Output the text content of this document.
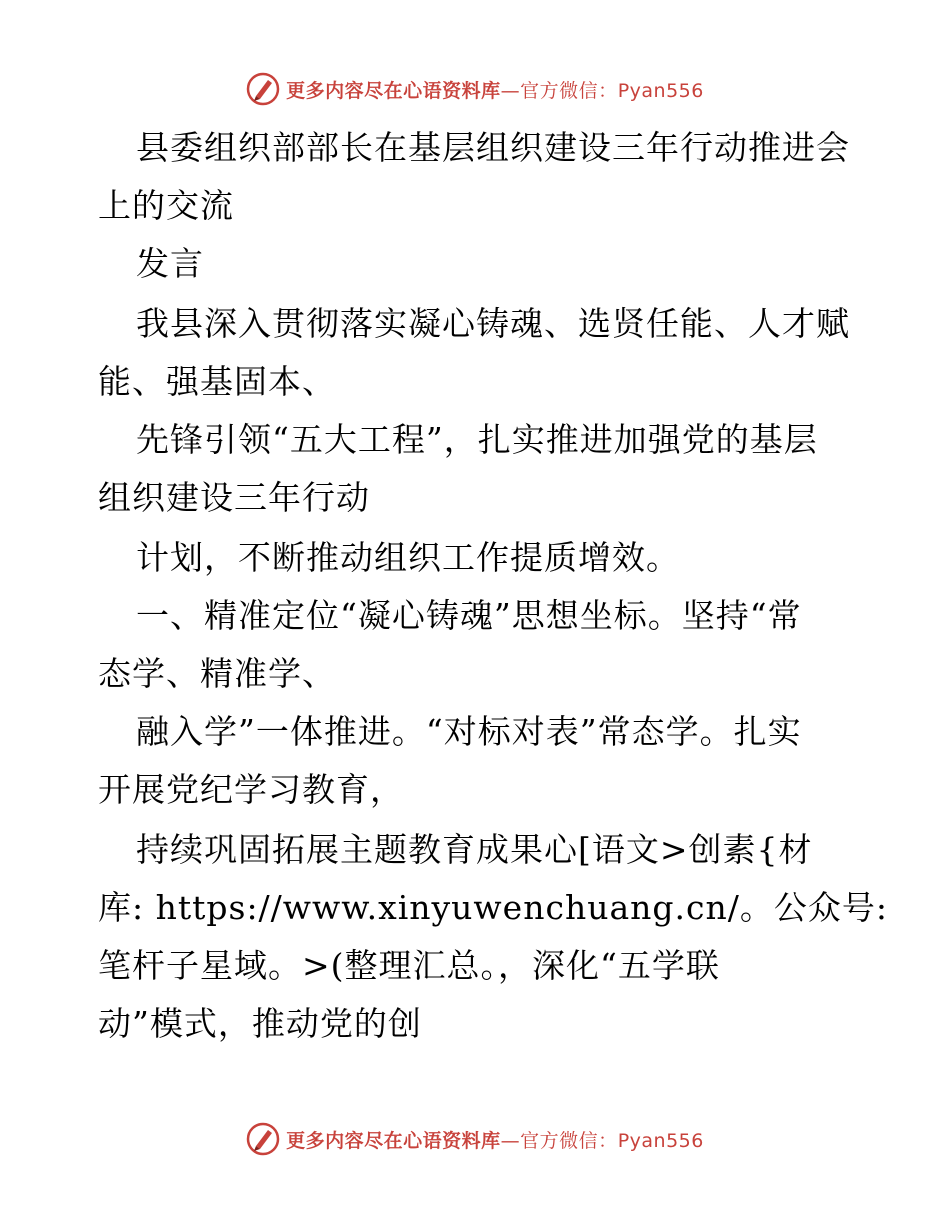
更多内容尽在心语资料库—官方微信：Pyan556
县委组织部部长在基层组织建设三年行动推进会
上的交流
发言
我县深入贯彻落实凝心铸魂、选贤任能、人才赋
能、强基固本、
先锋引领“五大工程”，扎实推进加强党的基层
组织建设三年行动
计划，不断推动组织工作提质增效。
一、精准定位“凝心铸魂”思想坐标。坚持“常
态学、精准学、
融入学”一体推进。“对标对表”常态学。扎实
开展党纪学习教育，
持续巩固拓展主题教育成果心[语文>创素{材
库: https://www.xinyuwenchuang.cn/。公众号:
笔杆子星域。>(整理汇总。，深化“五学联
动”模式，推动党的创
更多内容尽在心语资料库—官方微信：Pyan556
